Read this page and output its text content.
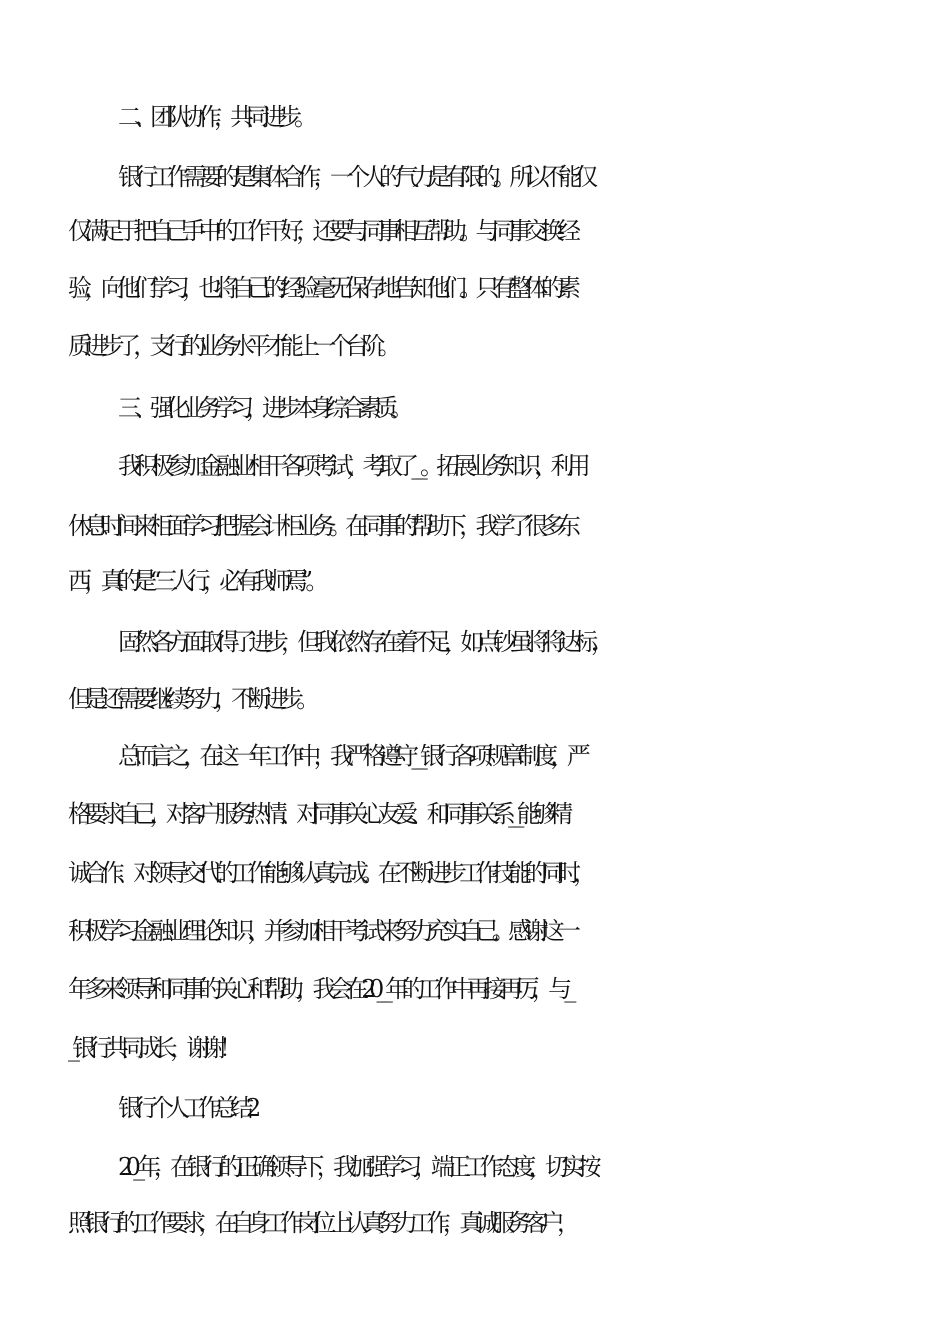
二、团队协作，共同进步。
银行工作需要的是集体合作，一个人的气力是有限的。所以不能仅
仅满足于把自己手中的工作干好，还要与同事相互帮助。与同事交换经
验，向他们学习，也将自己的经验毫无保存地告知他们。只有整体的素
质进步了，支行的业务水平才能上一个台阶。
三、强化业务学习，进步本身综合素质。
我积极参加金融业相干各项考试，考取了__。拓展业务知识，利用
休息时间来柜面学习把握会计柜业务。在同事的帮助下，我学了很多东
西，真的是“三人行，必有我师焉”。
固然各方面取得了进步，但我依然存在着不足，如点钞虽将将达标，
但是还需要继续努力，不断进步。
总而言之，在这一年工作中，我严格遵守__银行各项规章制度，严
格要求自己，对客户服务热情、对同事关心友爱、和同事关系__能够精
诚合作、对领导交代的工作能够认真完成。在不断进步工作技能的同时，
积极学习金融业理论知识，并参加相干考试来努力充实自己。感谢这一
年多来领导和同事的关心和帮助，我会在20__年的工作中再接再厉，与_
_银行共同成长，谢谢！
银行个人工作总结2
20_年，在银行的正确领导下，我加强学习，端正工作态度，切实按
照银行的工作要求，在自身工作岗位上认真努力工作，真诚服务客户，
